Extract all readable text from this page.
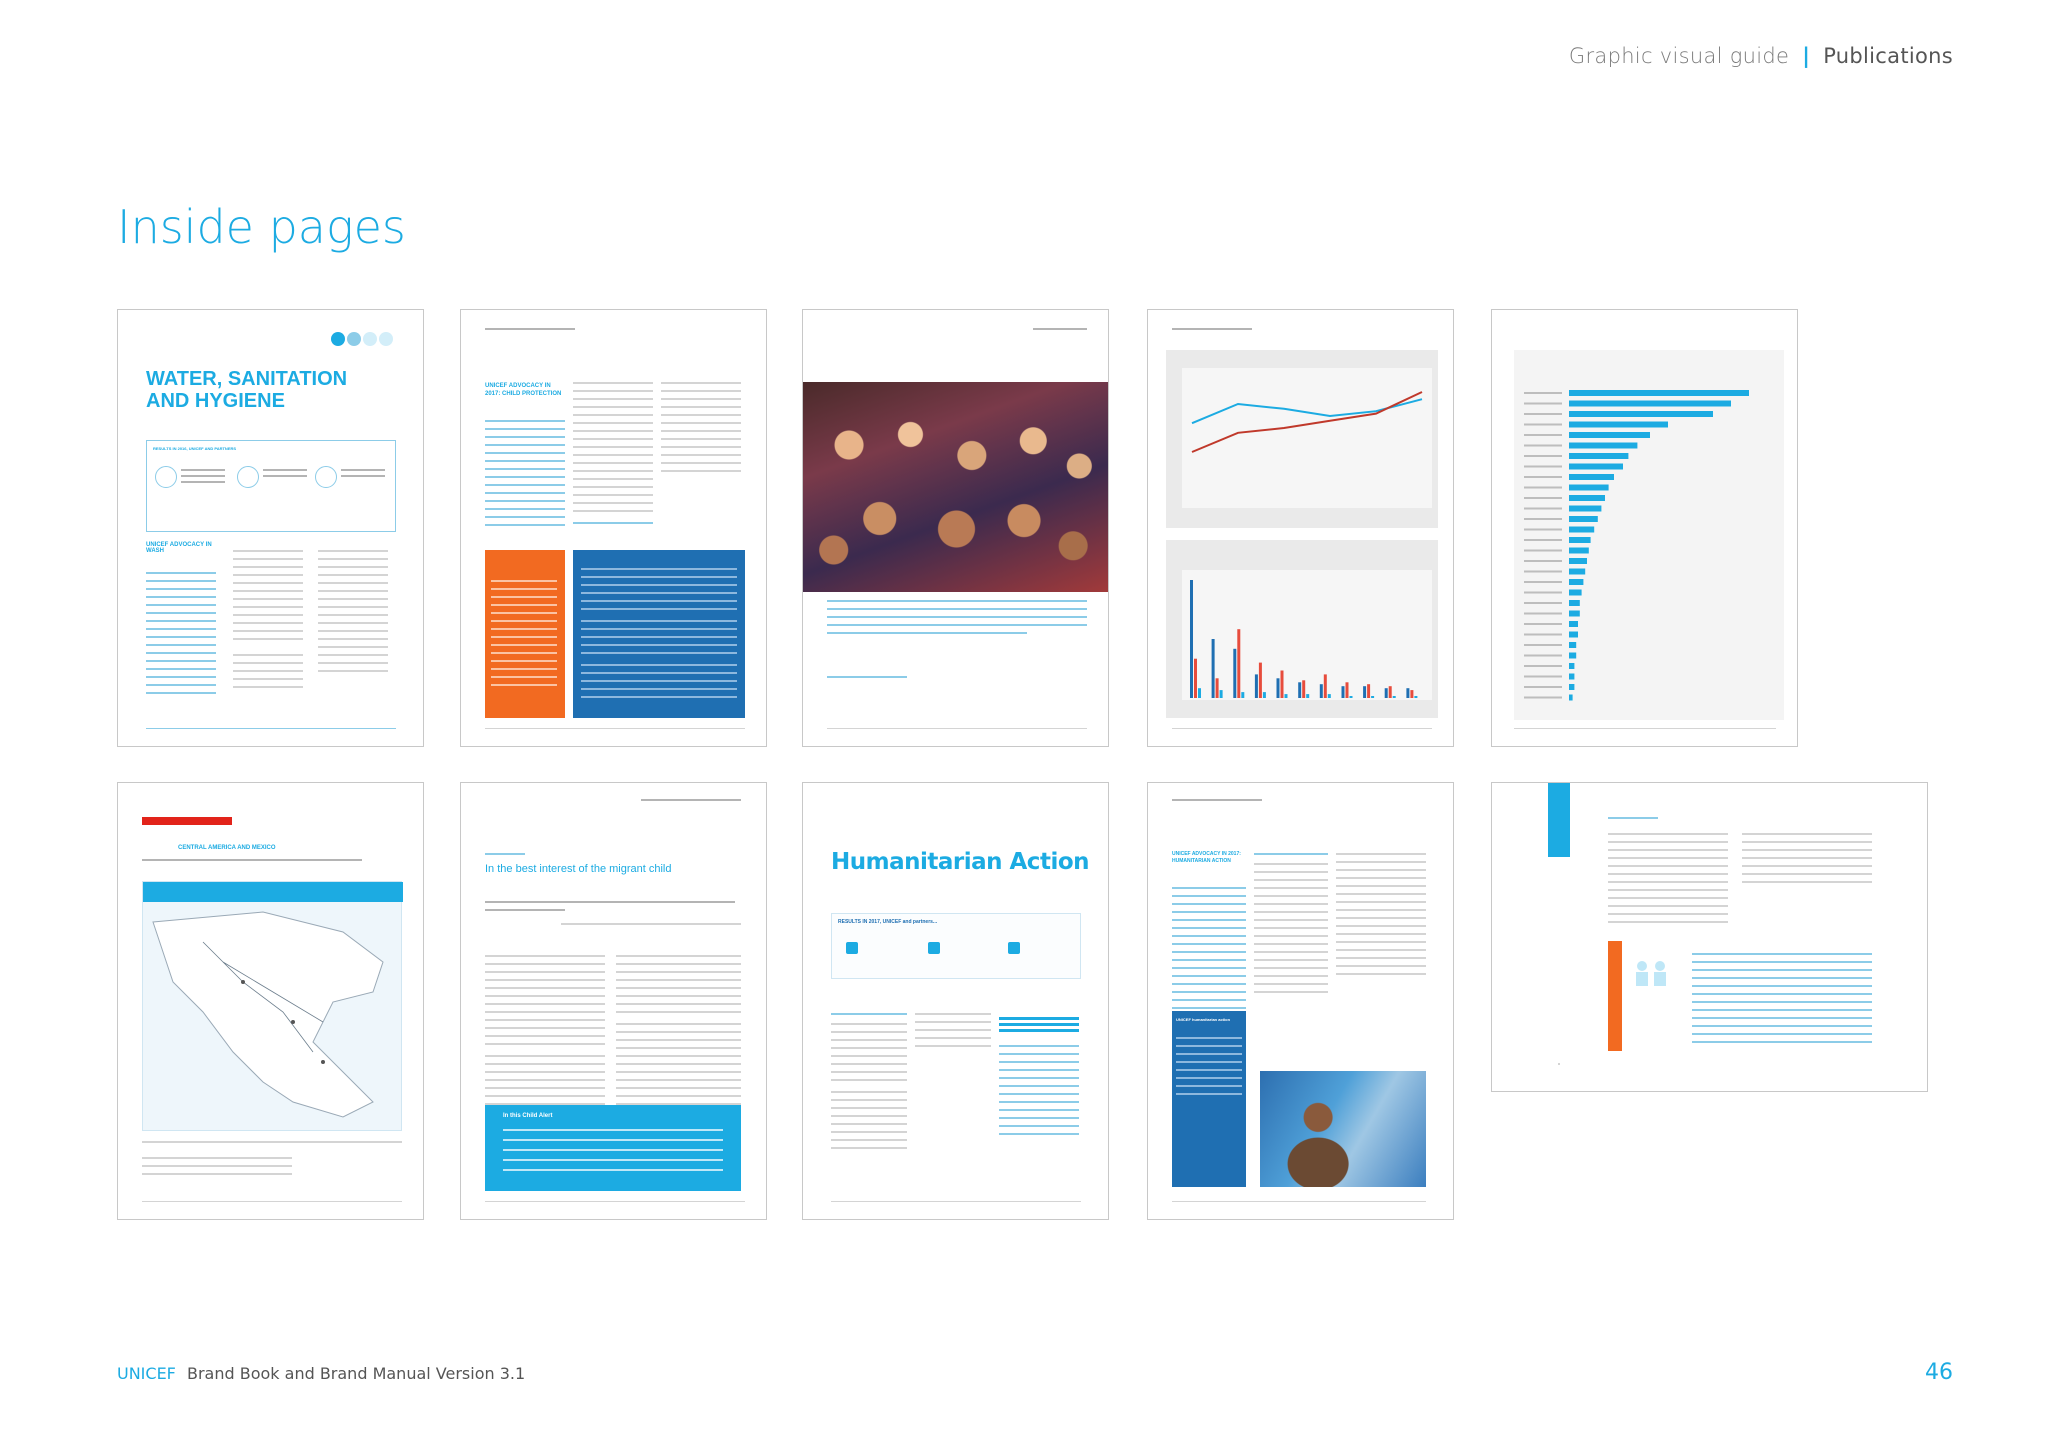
Graphic visual guide | Publications
Inside pages
WATER, SANITATION AND HYGIENE
RESULTS IN 2016, UNICEF AND PARTNERS
UNICEF ADVOCACY IN WASH
UNICEF ADVOCACY IN 2017: CHILD PROTECTION
CENTRAL AMERICA AND MEXICO
In the best interest of the migrant child
In this Child Alert
Humanitarian Action
RESULTS IN 2017, UNICEF and partners...
UNICEF ADVOCACY IN 2017: HUMANITARIAN ACTION
UNICEF humanitarian action
UNICEF Brand Book and Brand Manual Version 3.1	46
